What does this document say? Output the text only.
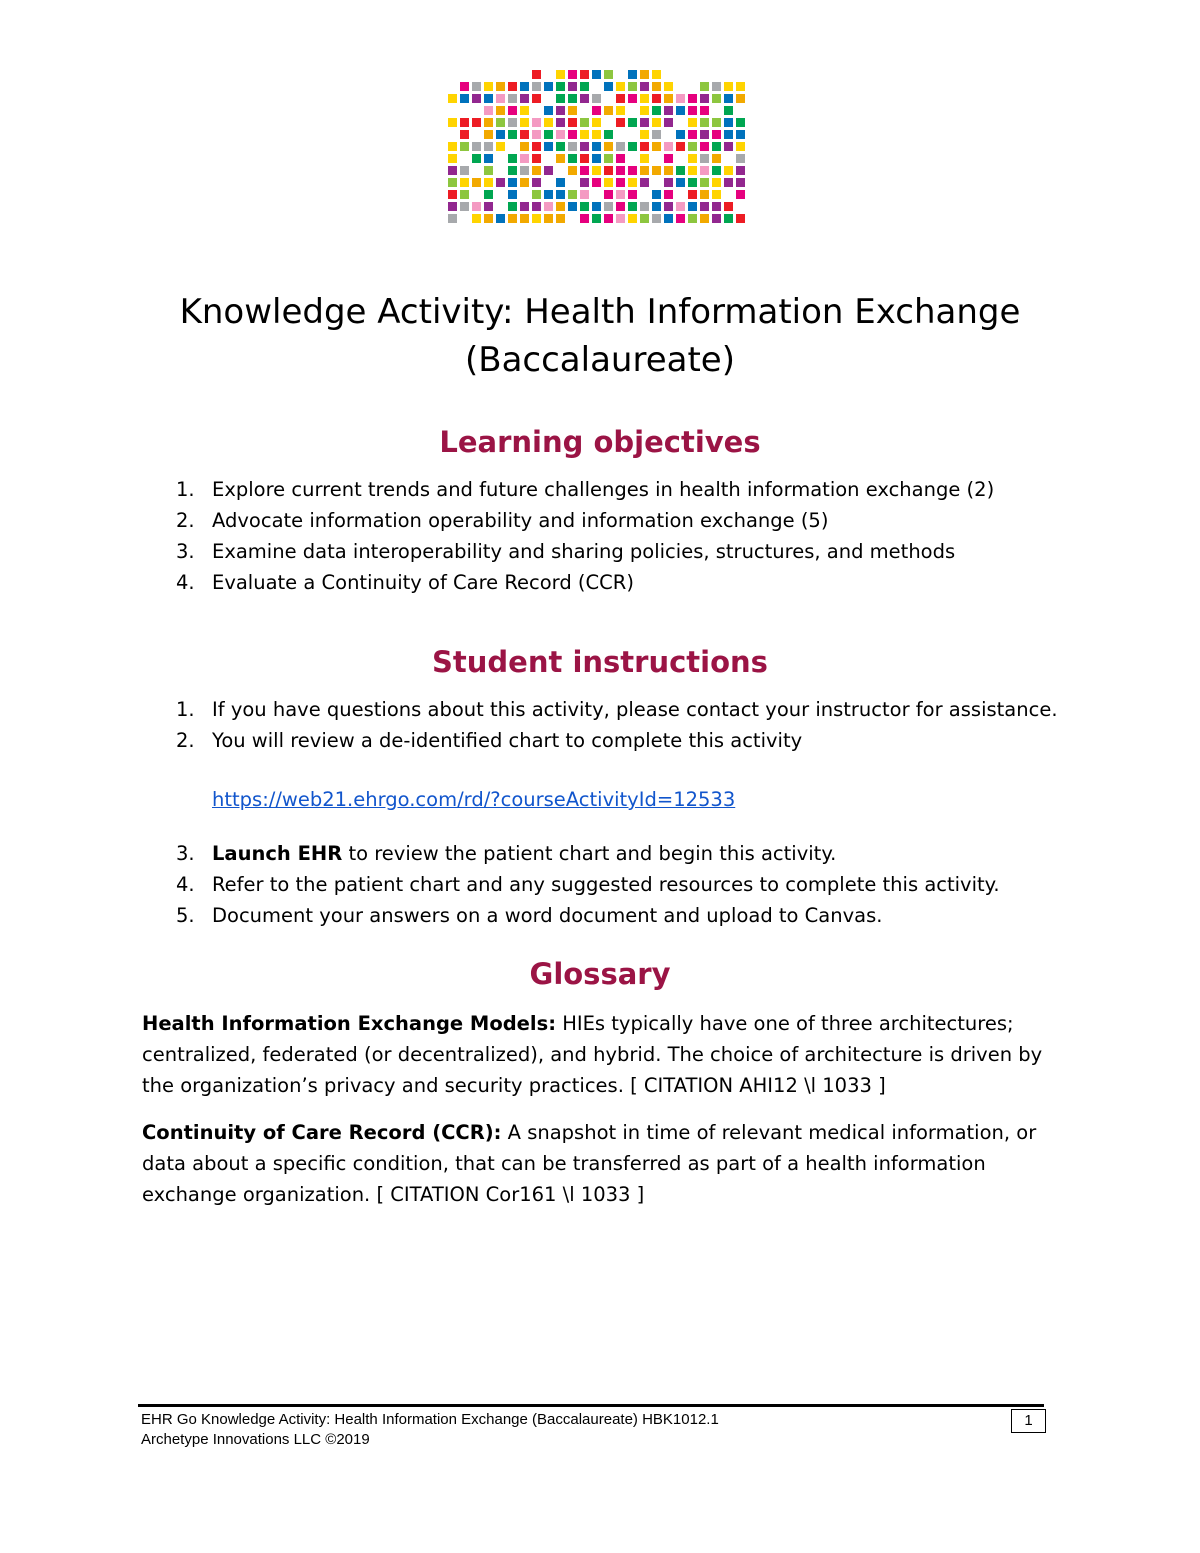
Knowledge Activity: Health Information Exchange
(Baccalaureate)
Learning objectives
1. Explore current trends and future challenges in health information exchange (2)
2. Advocate information operability and information exchange (5)
3. Examine data interoperability and sharing policies, structures, and methods
4. Evaluate a Continuity of Care Record (CCR)
Student instructions
1. If you have questions about this activity, please contact your instructor for assistance.
2. You will review a de-identified chart to complete this activity
https://web21.ehrgo.com/rd/?courseActivityId=12533
3. Launch EHR to review the patient chart and begin this activity.
4. Refer to the patient chart and any suggested resources to complete this activity.
5. Document your answers on a word document and upload to Canvas.
Glossary

Health Information Exchange Models: HIEs typically have one of three architectures; centralized, federated (or decentralized), and hybrid. The choice of architecture is driven by the organization’s privacy and security practices. [ CITATION AHI12 \l 1033 ]

Continuity of Care Record (CCR): A snapshot in time of relevant medical information, or data about a specific condition, that can be transferred as part of a health information exchange organization. [ CITATION Cor161 \l 1033 ]

EHR Go Knowledge Activity: Health Information Exchange (Baccalaureate) HBK1012.1
Archetype Innovations LLC ©2019
1
